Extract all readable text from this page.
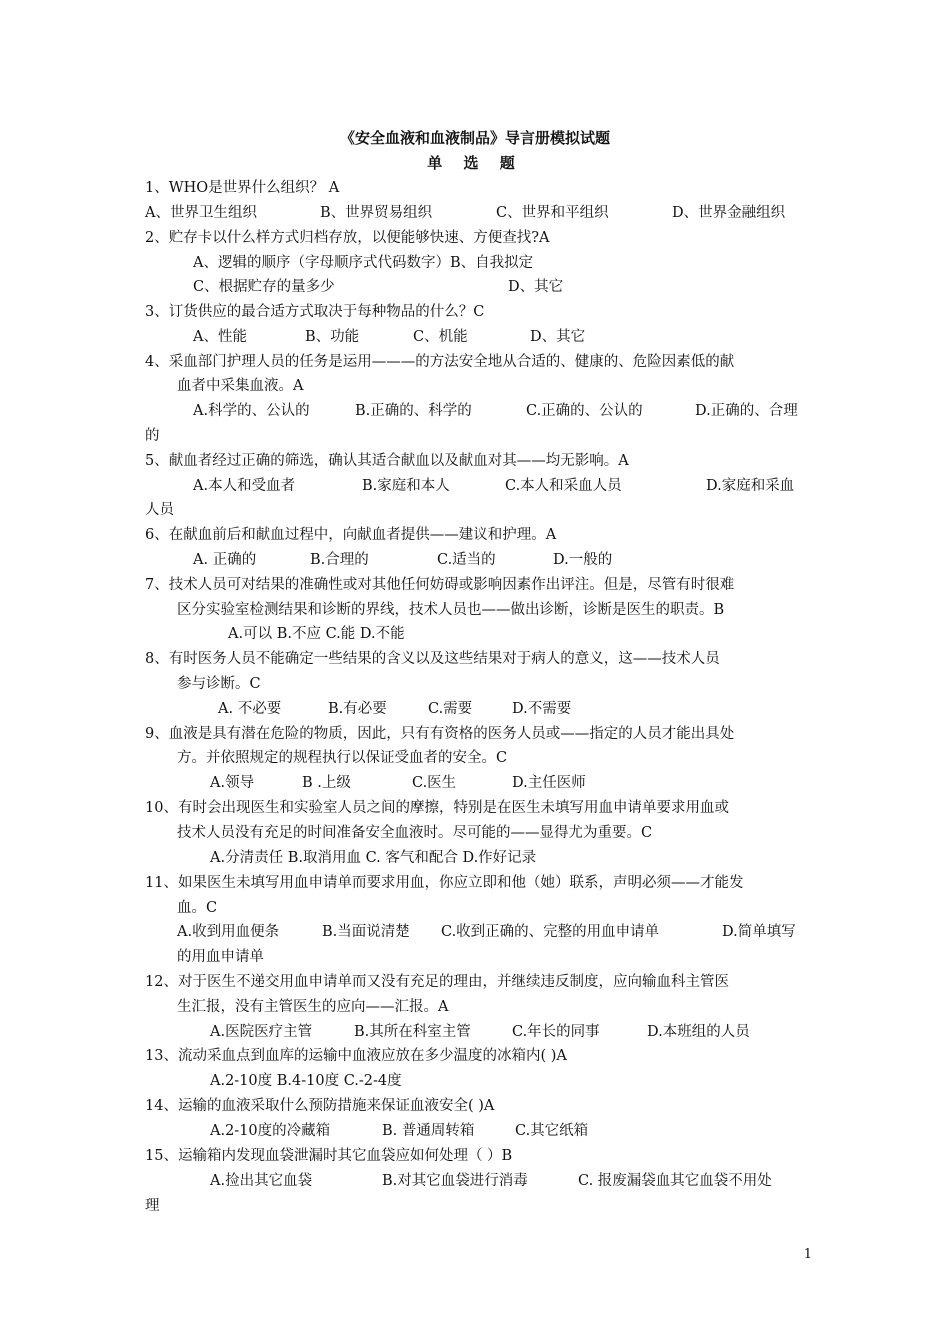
《安全血液和血液制品》导言册模拟试题
单 选 题
1、WHO是世界什么组织？ A
A、世界卫生组织	B、世界贸易组织	C、世界和平组织	D、世界金融组织
2、贮存卡以什么样方式归档存放，以便能够快速、方便查找?A
A、逻辑的顺序（字母顺序式代码数字）B、自我拟定
C、根据贮存的量多少	D、其它
3、订货供应的最合适方式取决于每种物品的什么？C
A、性能	B、功能	C、机能	D、其它
4、采血部门护理人员的任务是运用———的方法安全地从合适的、健康的、危险因素低的献
血者中采集血液。A
A.科学的、公认的	B.正确的、科学的	C.正确的、公认的	D.正确的、合理
的
5、献血者经过正确的筛选，确认其适合献血以及献血对其——均无影响。A
A.本人和受血者	B.家庭和本人	C.本人和采血人员	D.家庭和采血
人员
6、在献血前后和献血过程中，向献血者提供——建议和护理。A
A. 正确的	B.合理的	C.适当的	D.一般的
7、技术人员可对结果的准确性或对其他任何妨碍或影响因素作出评注。但是，尽管有时很难
区分实验室检测结果和诊断的界线，技术人员也——做出诊断，诊断是医生的职责。B
A.可以 B.不应 C.能 D.不能
8、有时医务人员不能确定一些结果的含义以及这些结果对于病人的意义，这——技术人员
参与诊断。C
A. 不必要	B.有必要	C.需要	D.不需要
9、血液是具有潜在危险的物质，因此，只有有资格的医务人员或——指定的人员才能出具处
方。并依照规定的规程执行以保证受血者的安全。C
A.领导	B .上级	C.医生	D.主任医师
10、有时会出现医生和实验室人员之间的摩擦，特别是在医生未填写用血申请单要求用血或
技术人员没有充足的时间准备安全血液时。尽可能的——显得尤为重要。C
A.分清责任 B.取消用血 C. 客气和配合 D.作好记录
11、如果医生未填写用血申请单而要求用血，你应立即和他（她）联系，声明必须——才能发
血。C
A.收到用血便条	B.当面说清楚 C.收到正确的、完整的用血申请单	D.简单填写
的用血申请单
12、对于医生不递交用血申请单而又没有充足的理由，并继续违反制度，应向输血科主管医
生汇报，没有主管医生的应向——汇报。A
A.医院医疗主管	B.其所在科室主管	C.年长的同事	D.本班组的人员
13、流动采血点到血库的运输中血液应放在多少温度的冰箱内( )A
A.2-10度 B.4-10度 C.-2-4度
14、运输的血液采取什么预防措施来保证血液安全( )A
A.2-10度的冷藏箱	B. 普通周转箱	C.其它纸箱
15、运输箱内发现血袋泄漏时其它血袋应如何处理（ ）B
A.捡出其它血袋	B.对其它血袋进行消毒	C. 报废漏袋血其它血袋不用处
理
1
